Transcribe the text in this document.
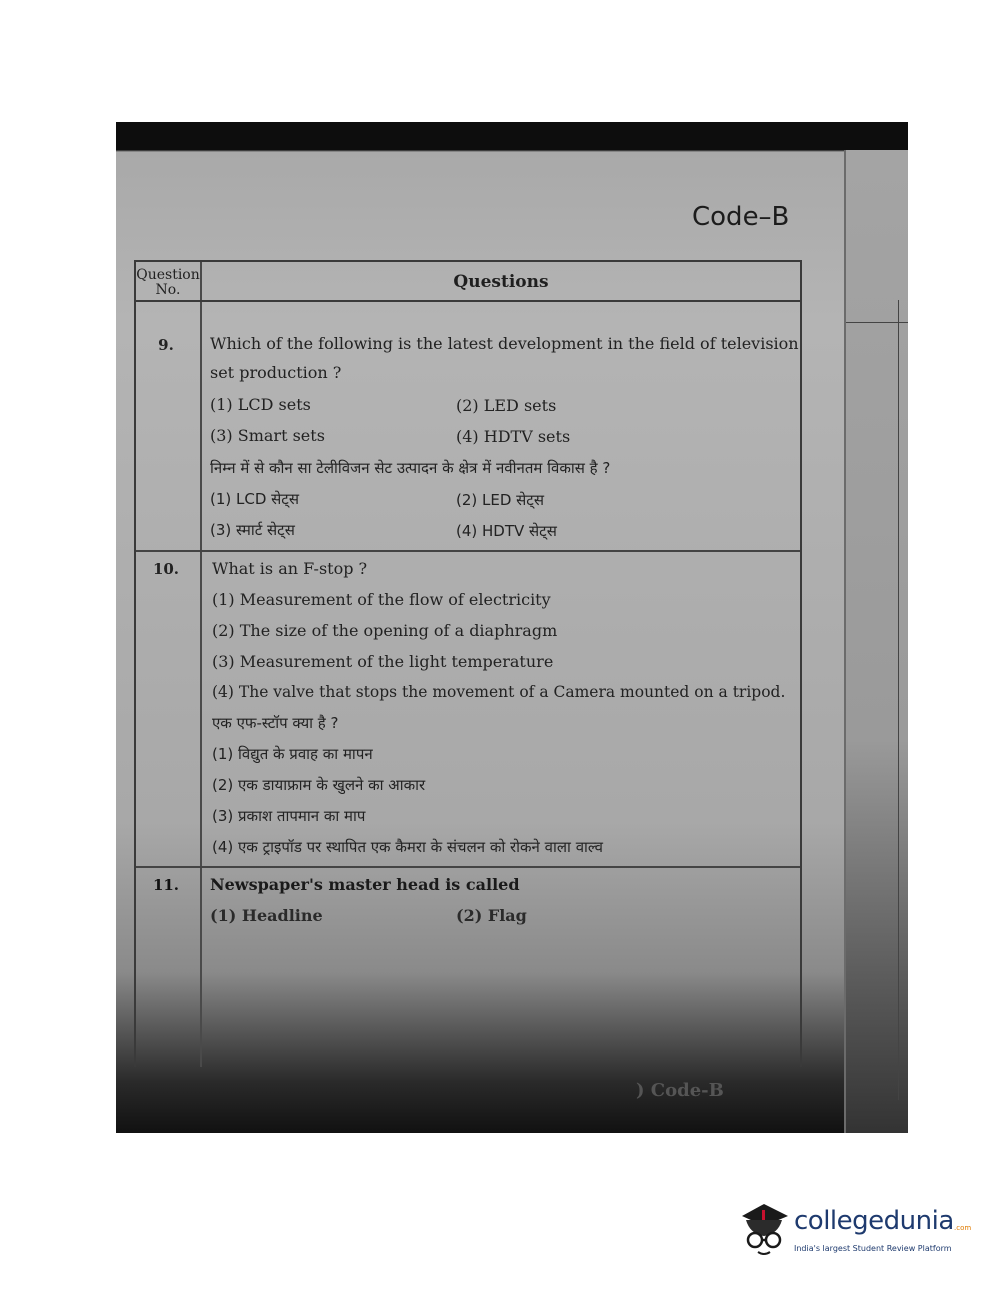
Code–B
Question No.	Questions
9.	Which of the following is the latest development in the field of television
set production ?
(1) LCD sets	(2) LED sets
(3) Smart sets	(4) HDTV sets
निम्न में से कौन सा टेलीविजन सेट उत्पादन के क्षेत्र में नवीनतम विकास है ?
(1) LCD सेट्स	(2) LED सेट्स
(3) स्मार्ट सेट्स	(4) HDTV सेट्स
10.	What is an F-stop ?
(1) Measurement of the flow of electricity
(2) The size of the opening of a diaphragm
(3) Measurement of the light temperature
(4) The valve that stops the movement of a Camera mounted on a tripod.
एक एफ-स्टॉप क्या है ?
(1) विद्युत के प्रवाह का मापन
(2) एक डायाफ्राम के खुलने का आकार
(3) प्रकाश तापमान का माप
(4) एक ट्राइपॉड पर स्थापित एक कैमरा के संचलन को रोकने वाला वाल्व
11.	Newspaper's master head is called
(1) Headline	(2) Flag
) Code-B
collegedunia .com
India's largest Student Review Platform
